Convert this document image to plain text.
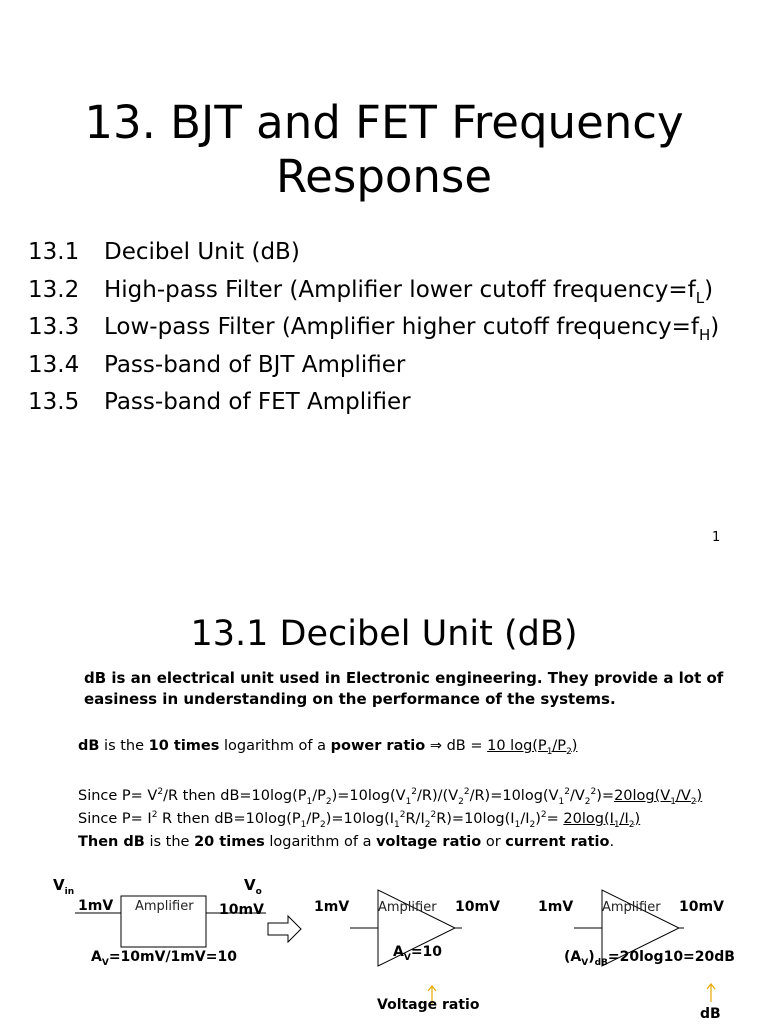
13. BJT and FET Frequency
Response
13.1 Decibel Unit (dB)
13.2 High-pass Filter (Amplifier lower cutoff $frequency=f_L$)
13.3 Low-pass Filter (Amplifier higher cutoff $frequency=f_H$)
13.4 Pass-band of BJT Amplifier
13.5 Pass-band of FET Amplifier
1
13.1 Decibel Unit (dB)
dB is an electrical unit used in Electronic engineering. They provide a lot of easiness in understanding on the performance of the systems.
dB is the 10 times logarithm of a power ratio ⇒ dB = 10 $\log(P_1/P_2)$
Since $P= V^2/R$ then $dB=10\log(P_1/P_2)=10\log(V_1^2/R)/(V_2^2/R)=10\log(V_1^2/V_2^2)=20\log(V_1/V_2)$
Since $P= I^2$ R then $dB=10\log(P_1/P_2)=10\log(I_1^2R/I_2^2R)=10\log(I_1/I_2)^2= 20\log(I_1/I_2)$
Then dB is the 20 times logarithm of a voltage ratio or current ratio.
$V_{in}$
1mV Amplifier
$V_o$
10mV	1mV Amplifier 10mV	1mV Amplifier 10mV
$A_V=10mV/1mV=10$	$A_V=10$	$(A_V)_{dB}=20\log 10=20dB$
Voltage ratio
dB
